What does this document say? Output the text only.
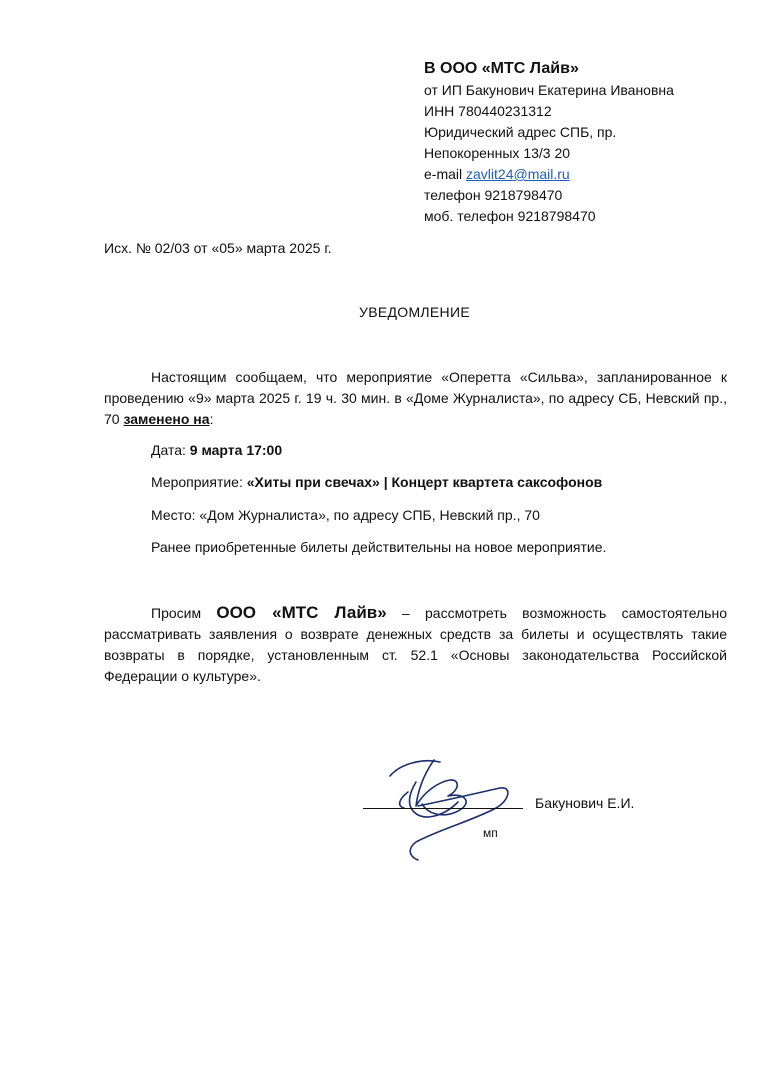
В ООО «МТС Лайв»
от ИП Бакунович Екатерина Ивановна
ИНН 780440231312
Юридический адрес СПБ, пр.
Непокоренных 13/3 20
e-mail zavlit24@mail.ru
телефон 9218798470
моб. телефон 9218798470
Исх. № 02/03 от «05» марта 2025 г.
УВЕДОМЛЕНИЕ
Настоящим сообщаем, что мероприятие «Оперетта «Сильва», запланированное к проведению «9» марта 2025 г. 19 ч. 30 мин. в «Доме Журналиста», по адресу СБ, Невский пр., 70 заменено на:
Дата: 9 марта 17:00
Мероприятие: «Хиты при свечах» | Концерт квартета саксофонов
Место: «Дом Журналиста», по адресу СПБ, Невский пр., 70
Ранее приобретенные билеты действительны на новое мероприятие.
Просим ООО «МТС Лайв» – рассмотреть возможность самостоятельно рассматривать заявления о возврате денежных средств за билеты и осуществлять такие возвраты в порядке, установленным ст. 52.1 «Основы законодательства Российской Федерации о культуре».
Бакунович Е.И.
мп
